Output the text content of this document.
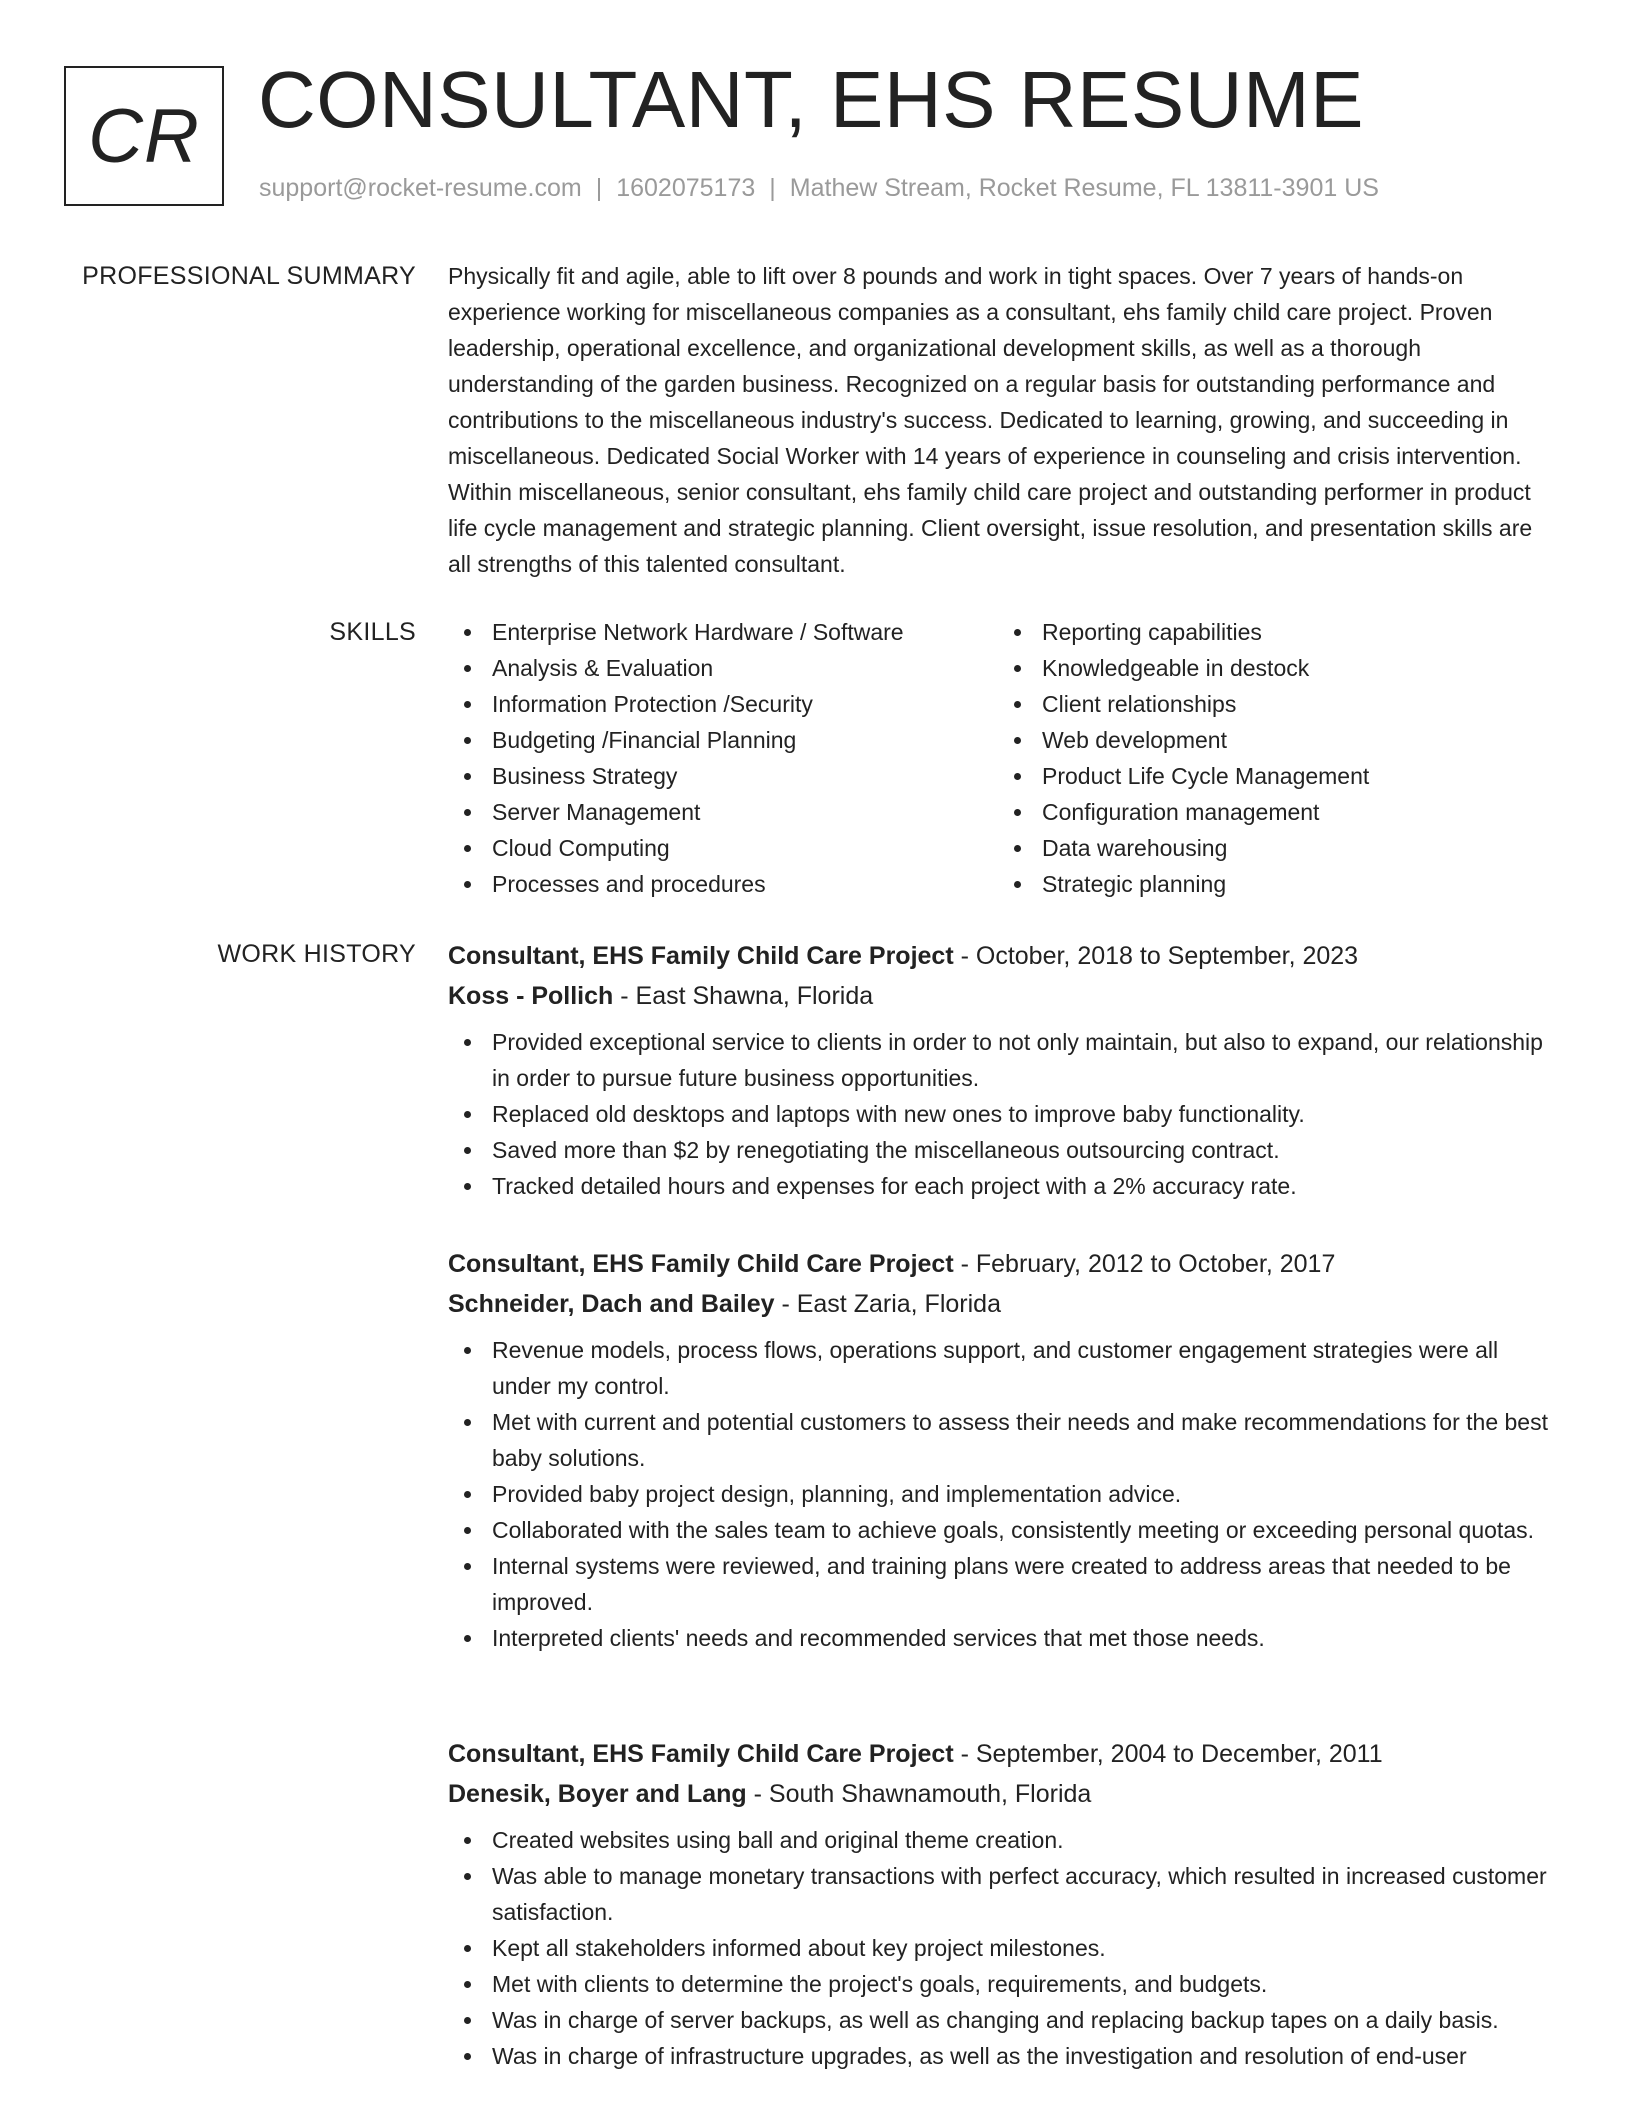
CR CONSULTANT, EHS RESUME
support@rocket-resume.com | 1602075173 | Mathew Stream, Rocket Resume, FL 13811-3901 US
PROFESSIONAL SUMMARY Physically fit and agile, able to lift over 8 pounds and work in tight spaces. Over 7 years of hands-on experience working for miscellaneous companies as a consultant, ehs family child care project. Proven leadership, operational excellence, and organizational development skills, as well as a thorough understanding of the garden business. Recognized on a regular basis for outstanding performance and contributions to the miscellaneous industry's success. Dedicated to learning, growing, and succeeding in miscellaneous. Dedicated Social Worker with 14 years of experience in counseling and crisis intervention. Within miscellaneous, senior consultant, ehs family child care project and outstanding performer in product life cycle management and strategic planning. Client oversight, issue resolution, and presentation skills are all strengths of this talented consultant.

SKILLS	Enterprise Network Hardware / Software
Analysis & Evaluation
Information Protection /Security
Budgeting /Financial Planning
Business Strategy
Server Management
Cloud Computing
Processes and procedures
Reporting capabilities
Knowledgeable in destock
Client relationships
Web development
Product Life Cycle Management
Configuration management
Data warehousing
Strategic planning
WORK HISTORY Consultant, EHS Family Child Care Project - October, 2018 to September, 2023
Koss - Pollich - East Shawna, Florida
Provided exceptional service to clients in order to not only maintain, but also to expand, our relationship in order to pursue future business opportunities.
Replaced old desktops and laptops with new ones to improve baby functionality.
Saved more than $2 by renegotiating the miscellaneous outsourcing contract.
Tracked detailed hours and expenses for each project with a 2% accuracy rate.
Consultant, EHS Family Child Care Project - February, 2012 to October, 2017
Schneider, Dach and Bailey - East Zaria, Florida
Revenue models, process flows, operations support, and customer engagement strategies were all under my control.
Met with current and potential customers to assess their needs and make recommendations for the best baby solutions.
Provided baby project design, planning, and implementation advice.
Collaborated with the sales team to achieve goals, consistently meeting or exceeding personal quotas.
Internal systems were reviewed, and training plans were created to address areas that needed to be improved.
Interpreted clients' needs and recommended services that met those needs.
Consultant, EHS Family Child Care Project - September, 2004 to December, 2011
Denesik, Boyer and Lang - South Shawnamouth, Florida
Created websites using ball and original theme creation.
Was able to manage monetary transactions with perfect accuracy, which resulted in increased customer satisfaction.
Kept all stakeholders informed about key project milestones.
Met with clients to determine the project's goals, requirements, and budgets.
Was in charge of server backups, as well as changing and replacing backup tapes on a daily basis.
Was in charge of infrastructure upgrades, as well as the investigation and resolution of end-user
